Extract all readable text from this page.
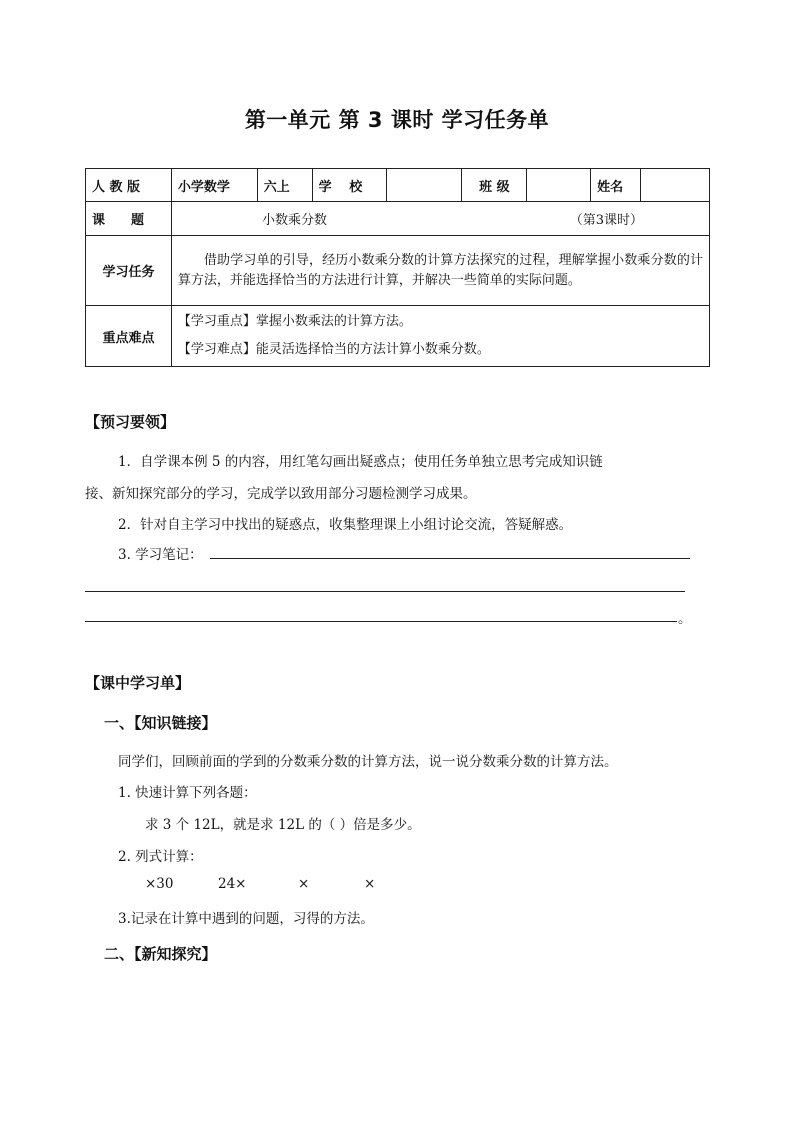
第一单元 第 3 课时 学习任务单
人 教 版	小学数学	六上	学　 校		班 级		姓名	
课　　题	小数乘分数 （第3课时）							

学习任务	借助学习单的引导，经历小数乘分数的计算方法探究的过程，理解掌握小数乘分数的计算方法，并能选择恰当的方法进行计算，并解决一些简单的实际问题。							
重点难点	【学习重点】掌握小数乘法的计算方法。
【学习难点】能灵活选择恰当的方法计算小数乘分数。							
【预习要领】
1．自学课本例 5 的内容，用红笔勾画出疑惑点；使用任务单独立思考完成知识链
接、新知探究部分的学习，完成学以致用部分习题检测学习成果。
2．针对自主学习中找出的疑惑点，收集整理课上小组讨论交流，答疑解惑。
3. 学习笔记：
。
【课中学习单】
一、【知识链接】
同学们，回顾前面的学到的分数乘分数的计算方法，说一说分数乘分数的计算方法。
1. 快速计算下列各题：
求 3 个 12L，就是求 12L 的（ ）倍是多少。
2. 列式计算：
×30	24×	×	×
3.记录在计算中遇到的问题，习得的方法。
二、【新知探究】
